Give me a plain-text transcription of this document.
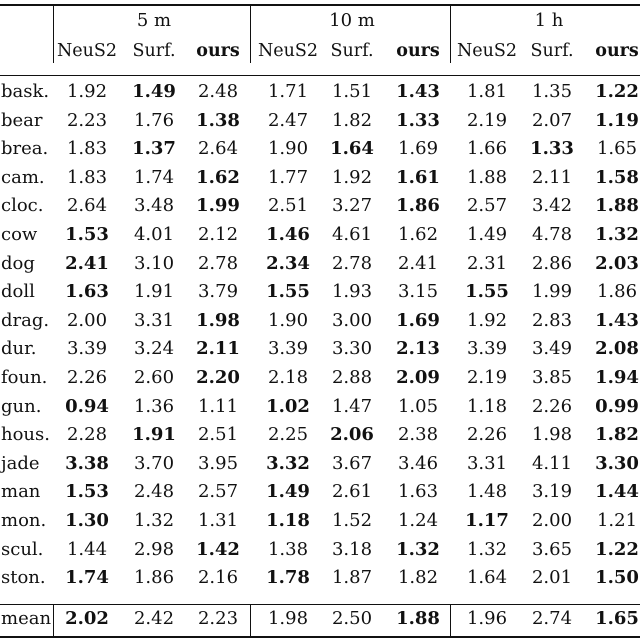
5 m	10 m	1 h
NeuS2 Surf.	ours	NeuS2 Surf.	ours NeuS2 Surf.	ours
bask. 1.92	1.49	2.48	1.71	1.51	1.43	1.81	1.35	1.22
bear	2.23	1.76	1.38	2.47	1.82	1.33	2.19	2.07	1.19
brea.	1.83	1.37	2.64	1.90	1.64	1.69	1.66	1.33	1.65
cam.	1.83	1.74	1.62	1.77	1.92	1.61	1.88	2.11	1.58
cloc.	2.64	3.48	1.99	2.51	3.27	1.86	2.57	3.42	1.88
cow	1.53	4.01	2.12	1.46	4.61	1.62	1.49	4.78	1.32
dog	2.41	3.10	2.78	2.34	2.78	2.41	2.31	2.86	2.03
doll	1.63	1.91	3.79	1.55	1.93	3.15	1.55	1.99	1.86
drag. 2.00	3.31	1.98	1.90	3.00	1.69	1.92	2.83	1.43
dur.	3.39	3.24	2.11	3.39	3.30	2.13	3.39	3.49	2.08
foun.	2.26	2.60	2.20	2.18	2.88	2.09	2.19	3.85	1.94
gun.	0.94	1.36	1.11	1.02	1.47	1.05	1.18	2.26	0.99
hous. 2.28	1.91	2.51	2.25	2.06	2.38	2.26	1.98	1.82
jade	3.38	3.70	3.95	3.32	3.67	3.46	3.31	4.11	3.30
man	1.53	2.48	2.57	1.49	2.61	1.63	1.48	3.19	1.44
mon.	1.30	1.32	1.31	1.18	1.52	1.24	1.17	2.00	1.21
scul.	1.44	2.98	1.42	1.38	3.18	1.32	1.32	3.65	1.22
ston.	1.74	1.86	2.16	1.78	1.87	1.82	1.64	2.01	1.50
mean 2.02	2.42	2.23	1.98	2.50	1.88	1.96	2.74	1.65
